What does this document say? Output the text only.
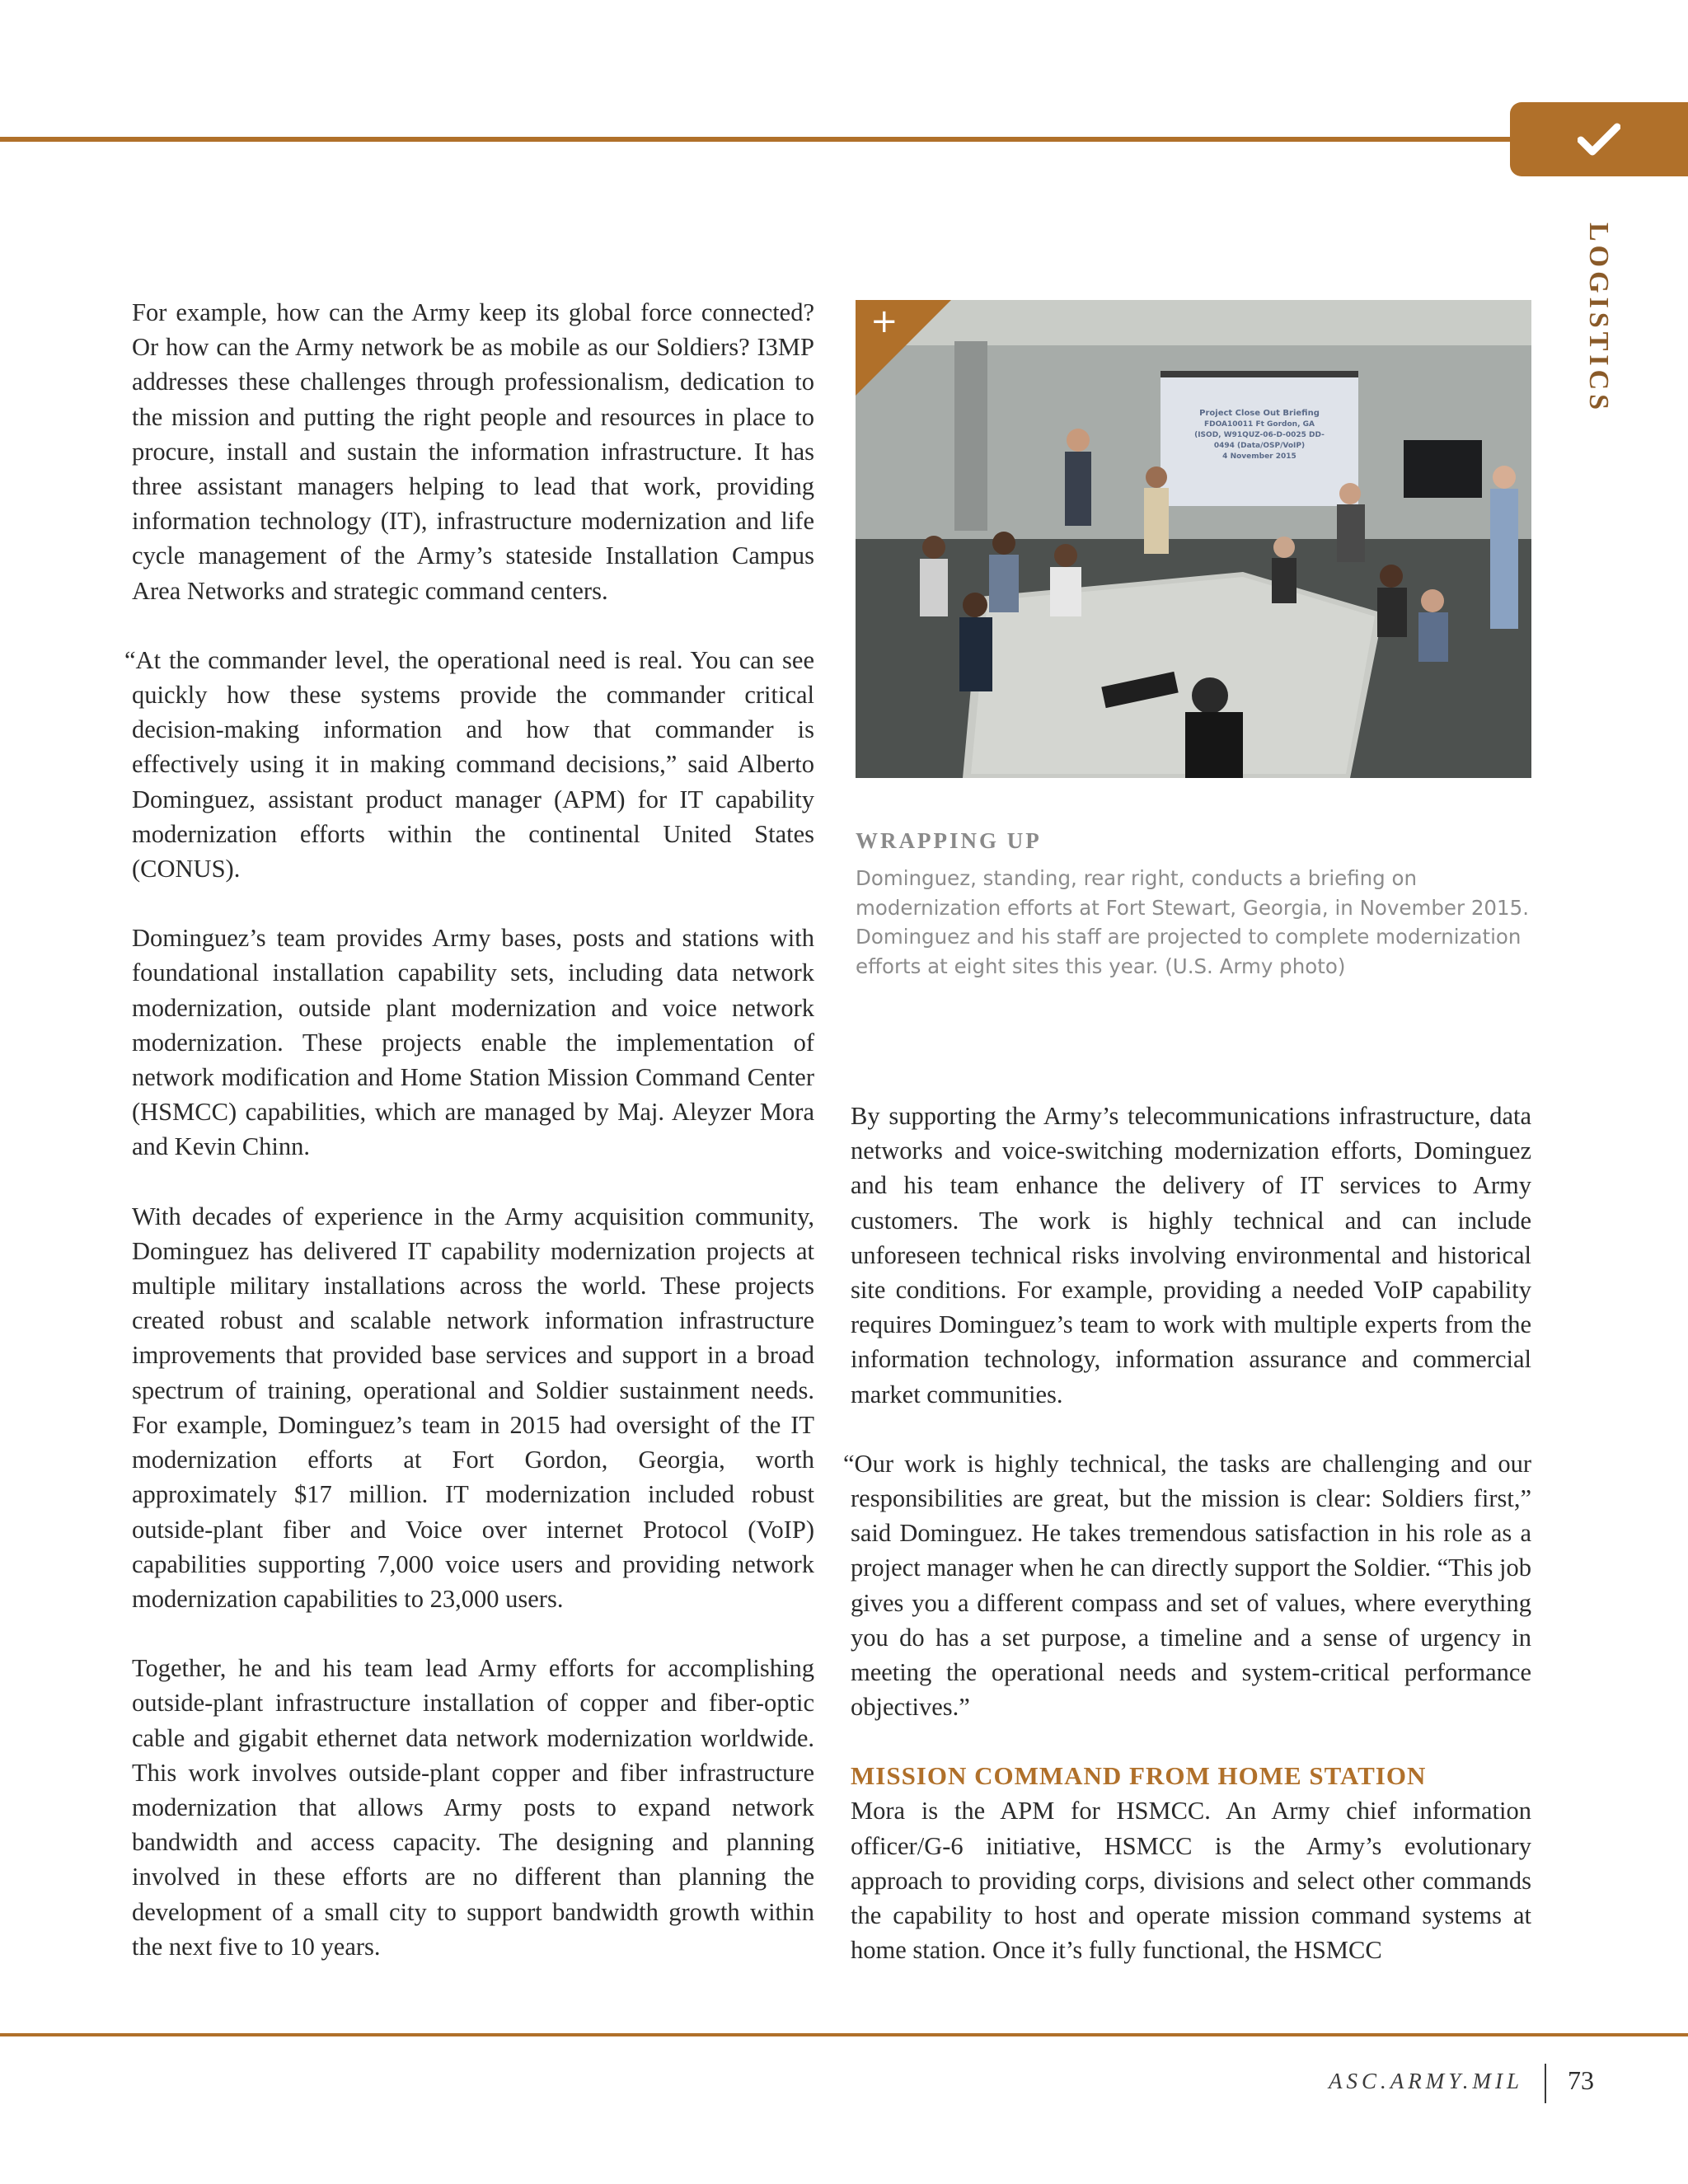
LOGISTICS

For example, how can the Army keep its global force connected? Or how can the Army network be as mobile as our Soldiers? I3MP addresses these challenges through professionalism, dedication to the mission and putting the right people and resources in place to procure, install and sustain the information infrastructure. It has three assistant managers helping to lead that work, providing information technology (IT), infrastructure modernization and life cycle management of the Army’s stateside Installation Campus Area Networks and strategic command centers.

“At the commander level, the operational need is real. You can see quickly how these systems provide the commander critical decision-making information and how that commander is effectively using it in making command decisions,” said Alberto Dominguez, assistant product manager (APM) for IT capability modernization efforts within the continental United States (CONUS).

Dominguez’s team provides Army bases, posts and stations with foundational installation capability sets, including data network modernization, outside plant modernization and voice network modernization. These projects enable the implementation of network modification and Home Station Mission Command Center (HSMCC) capabilities, which are managed by Maj. Aleyzer Mora and Kevin Chinn.

With decades of experience in the Army acquisition community, Dominguez has delivered IT capability modernization projects at multiple military installations across the world. These projects created robust and scalable network information infrastructure improvements that provided base services and support in a broad spectrum of training, operational and Soldier sustainment needs. For example, Dominguez’s team in 2015 had oversight of the IT modernization efforts at Fort Gordon, Georgia, worth approximately $17 million. IT modernization included robust outside-plant fiber and Voice over internet Protocol (VoIP) capabilities supporting 7,000 voice users and providing network modernization capabilities to 23,000 users.

Together, he and his team lead Army efforts for accomplishing outside-plant infrastructure installation of copper and fiber-optic cable and gigabit ethernet data network modernization worldwide. This work involves outside-plant copper and fiber infrastructure modernization that allows Army posts to expand network bandwidth and access capacity. The designing and planning involved in these efforts are no different than planning the development of a small city to support bandwidth growth within the next five to 10 years.

Project Close Out Briefing
FDOA10011 Ft Gordon, GA
(ISOD, W91QUZ-06-D-0025 DD-
0494 (Data/OSP/VoIP)
4 November 2015
+
WRAPPING UP
Dominguez, standing, rear right, conducts a briefing on modernization efforts at Fort Stewart, Georgia, in November 2015. Dominguez and his staff are projected to complete modernization efforts at eight sites this year. (U.S. Army photo)

By supporting the Army’s telecommunications infrastructure, data networks and voice-switching modernization efforts, Dominguez and his team enhance the delivery of IT services to Army customers. The work is highly technical and can include unforeseen technical risks involving environmental and historical site conditions. For example, providing a needed VoIP capability requires Dominguez’s team to work with multiple experts from the information technology, information assurance and commercial market communities.

“Our work is highly technical, the tasks are challenging and our responsibilities are great, but the mission is clear: Soldiers first,” said Dominguez. He takes tremendous satisfaction in his role as a project manager when he can directly support the Soldier. “This job gives you a different compass and set of values, where everything you do has a set purpose, a timeline and a sense of urgency in meeting the operational needs and system-critical performance objectives.”

MISSION COMMAND FROM HOME STATION

Mora is the APM for HSMCC. An Army chief information officer/G-6 initiative, HSMCC is the Army’s evolutionary approach to providing corps, divisions and select other commands the capability to host and operate mission command systems at home station. Once it’s fully functional, the HSMCC

ASC.ARMY.MIL 73
